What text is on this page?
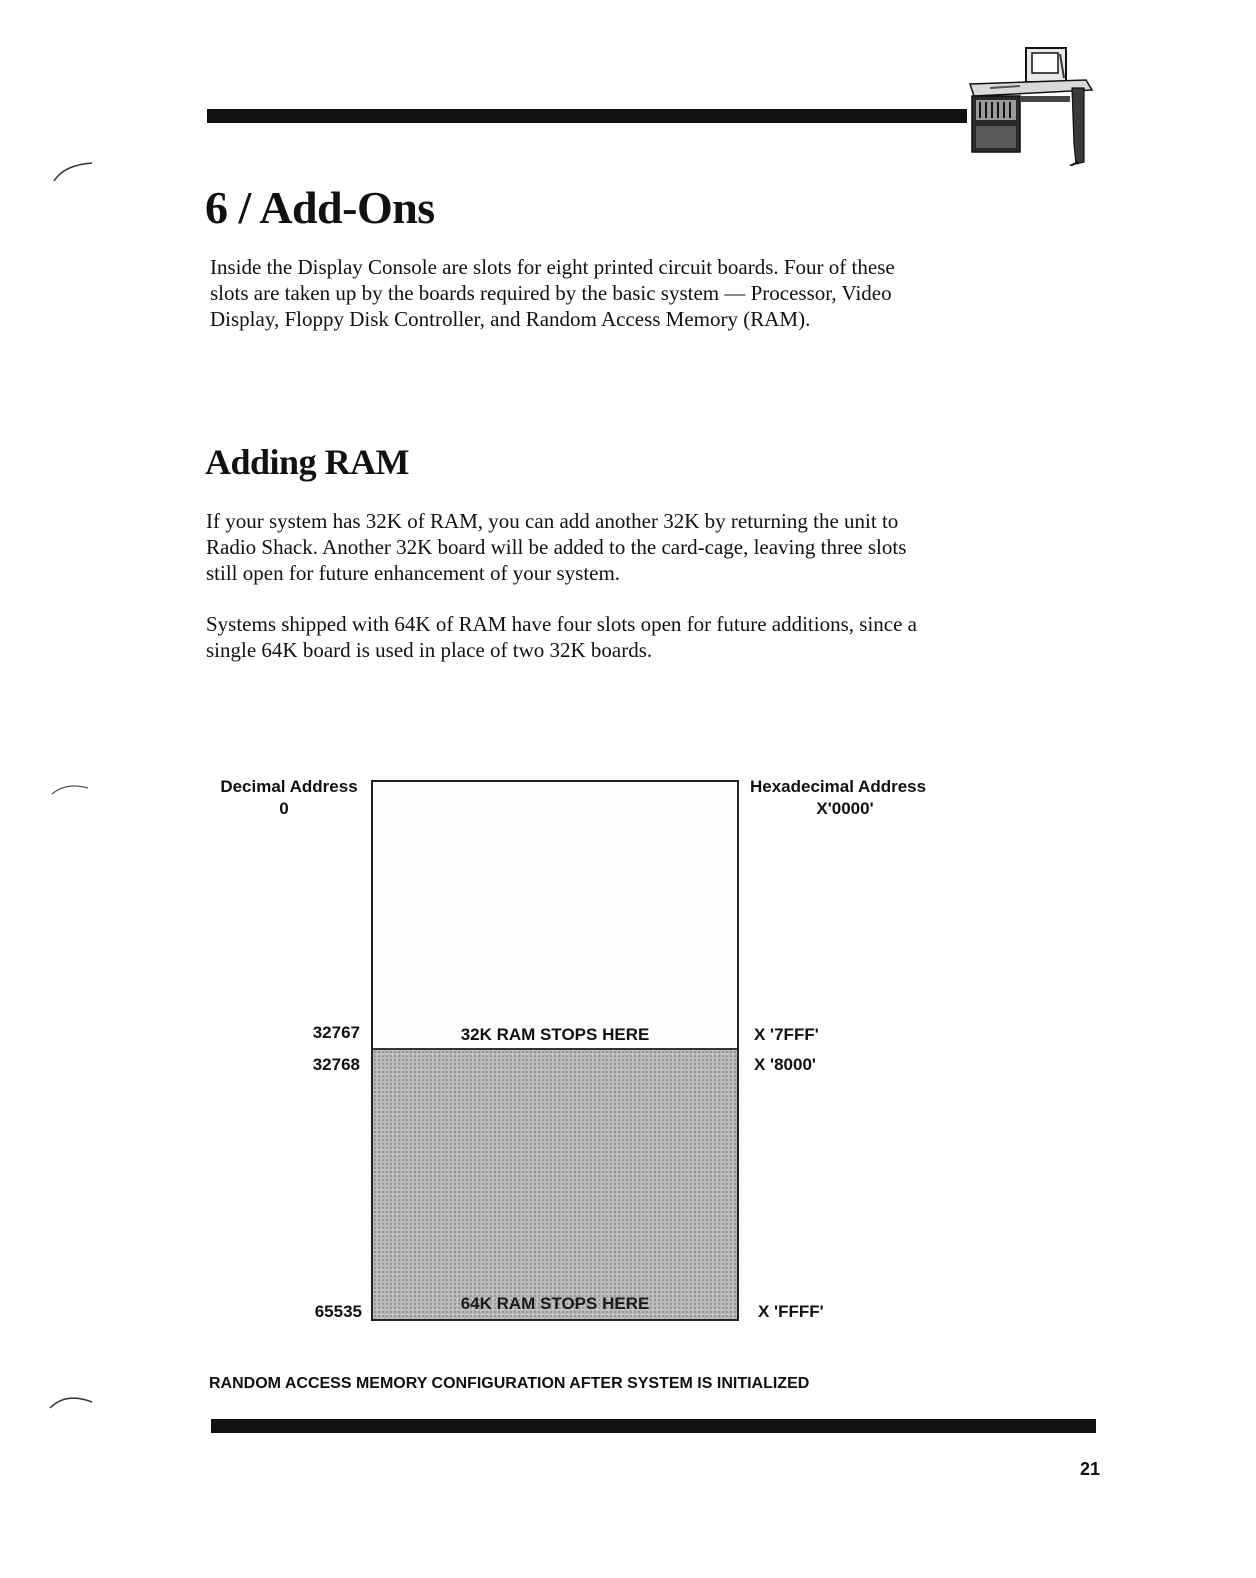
6 / Add-Ons

Inside the Display Console are slots for eight printed circuit boards. Four of these slots are taken up by the boards required by the basic system — Processor, Video Display, Floppy Disk Controller, and Random Access Memory (RAM).

Adding RAM

If your system has 32K of RAM, you can add another 32K by returning the unit to Radio Shack. Another 32K board will be added to the card-cage, leaving three slots still open for future enhancement of your system.

Systems shipped with 64K of RAM have four slots open for future additions, since a single 64K board is used in place of two 32K boards.

Decimal Address
0
32767
32768
65535
Hexadecimal Address
X'0000'
X '7FFF'
X '8000'
X 'FFFF'
32K RAM STOPS HERE
64K RAM STOPS HERE
RANDOM ACCESS MEMORY CONFIGURATION AFTER SYSTEM IS INITIALIZED
21
